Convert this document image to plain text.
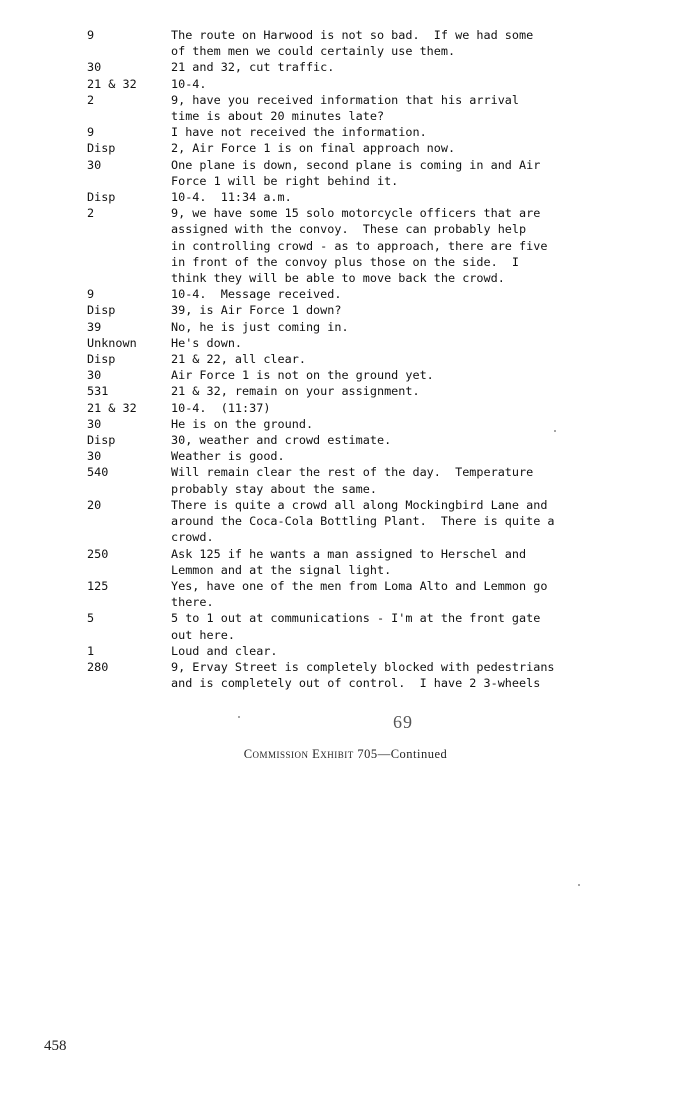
9	The route on Harwood is not so bad.  If we had some
of them men we could certainly use them.
30	21 and 32, cut traffic.
21 & 32	10-4.
2	9, have you received information that his arrival
time is about 20 minutes late?
9	I have not received the information.
Disp	2, Air Force 1 is on final approach now.
30	One plane is down, second plane is coming in and Air
Force 1 will be right behind it.
Disp	10-4.  11:34 a.m.
2	9, we have some 15 solo motorcycle officers that are
assigned with the convoy.  These can probably help
in controlling crowd - as to approach, there are five
in front of the convoy plus those on the side.  I
think they will be able to move back the crowd.
9	10-4.  Message received.
Disp	39, is Air Force 1 down?
39	No, he is just coming in.
Unknown	He's down.
Disp	21 & 22, all clear.
30	Air Force 1 is not on the ground yet.
531	21 & 32, remain on your assignment.
21 & 32	10-4.  (11:37)
30	He is on the ground.
Disp	30, weather and crowd estimate.
30	Weather is good.
540	Will remain clear the rest of the day.  Temperature
probably stay about the same.
20	There is quite a crowd all along Mockingbird Lane and
around the Coca-Cola Bottling Plant.  There is quite a
crowd.
250	Ask 125 if he wants a man assigned to Herschel and
Lemmon and at the signal light.
125	Yes, have one of the men from Loma Alto and Lemmon go
there.
5	5 to 1 out at communications - I'm at the front gate
out here.
1	Loud and clear.
280	9, Ervay Street is completely blocked with pedestrians
and is completely out of control.  I have 2 3-wheels
69
Commission Exhibit 705—Continued
458
